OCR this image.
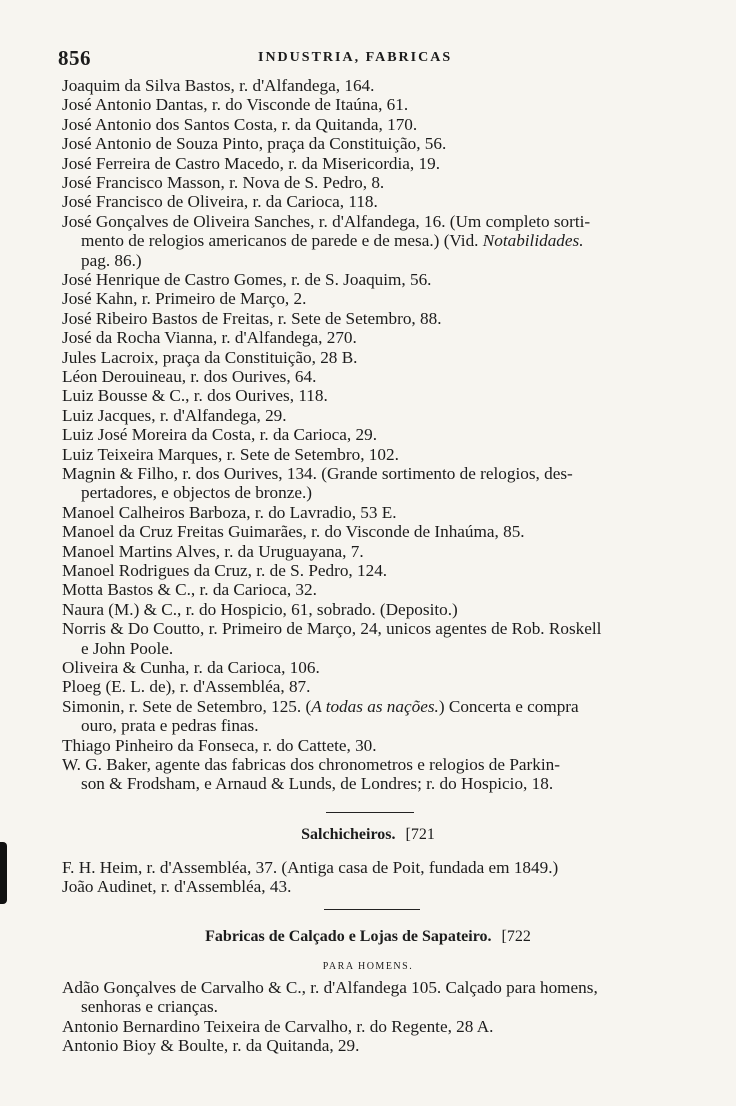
856	INDUSTRIA, FABRICAS
Joaquim da Silva Bastos, r. d'Alfandega, 164.
José Antonio Dantas, r. do Visconde de Itaúna, 61.
José Antonio dos Santos Costa, r. da Quitanda, 170.
José Antonio de Souza Pinto, praça da Constituição, 56.
José Ferreira de Castro Macedo, r. da Misericordia, 19.
José Francisco Masson, r. Nova de S. Pedro, 8.
José Francisco de Oliveira, r. da Carioca, 118.
José Gonçalves de Oliveira Sanches, r. d'Alfandega, 16. (Um completo sorti-
mento de relogios americanos de parede e de mesa.) (Vid. Notabilidades.
pag. 86.)
José Henrique de Castro Gomes, r. de S. Joaquim, 56.
José Kahn, r. Primeiro de Março, 2.
José Ribeiro Bastos de Freitas, r. Sete de Setembro, 88.
José da Rocha Vianna, r. d'Alfandega, 270.
Jules Lacroix, praça da Constituição, 28 B.
Léon Derouineau, r. dos Ourives, 64.
Luiz Bousse & C., r. dos Ourives, 118.
Luiz Jacques, r. d'Alfandega, 29.
Luiz José Moreira da Costa, r. da Carioca, 29.
Luiz Teixeira Marques, r. Sete de Setembro, 102.
Magnin & Filho, r. dos Ourives, 134. (Grande sortimento de relogios, des-
pertadores, e objectos de bronze.)
Manoel Calheiros Barboza, r. do Lavradio, 53 E.
Manoel da Cruz Freitas Guimarães, r. do Visconde de Inhaúma, 85.
Manoel Martins Alves, r. da Uruguayana, 7.
Manoel Rodrigues da Cruz, r. de S. Pedro, 124.
Motta Bastos & C., r. da Carioca, 32.
Naura (M.) & C., r. do Hospicio, 61, sobrado. (Deposito.)
Norris & Do Coutto, r. Primeiro de Março, 24, unicos agentes de Rob. Roskell
e John Poole.
Oliveira & Cunha, r. da Carioca, 106.
Ploeg (E. L. de), r. d'Assembléa, 87.
Simonin, r. Sete de Setembro, 125. (A todas as nações.) Concerta e compra
ouro, prata e pedras finas.
Thiago Pinheiro da Fonseca, r. do Cattete, 30.
W. G. Baker, agente das fabricas dos chronometros e relogios de Parkin-
son & Frodsham, e Arnaud & Lunds, de Londres; r. do Hospicio, 18.
Salchicheiros. [721
F. H. Heim, r. d'Assembléa, 37. (Antiga casa de Poit, fundada em 1849.)
João Audinet, r. d'Assembléa, 43.
Fabricas de Calçado e Lojas de Sapateiro. [722
PARA HOMENS.
Adão Gonçalves de Carvalho & C., r. d'Alfandega 105. Calçado para homens,
senhoras e crianças.
Antonio Bernardino Teixeira de Carvalho, r. do Regente, 28 A.
Antonio Bioy & Boulte, r. da Quitanda, 29.
